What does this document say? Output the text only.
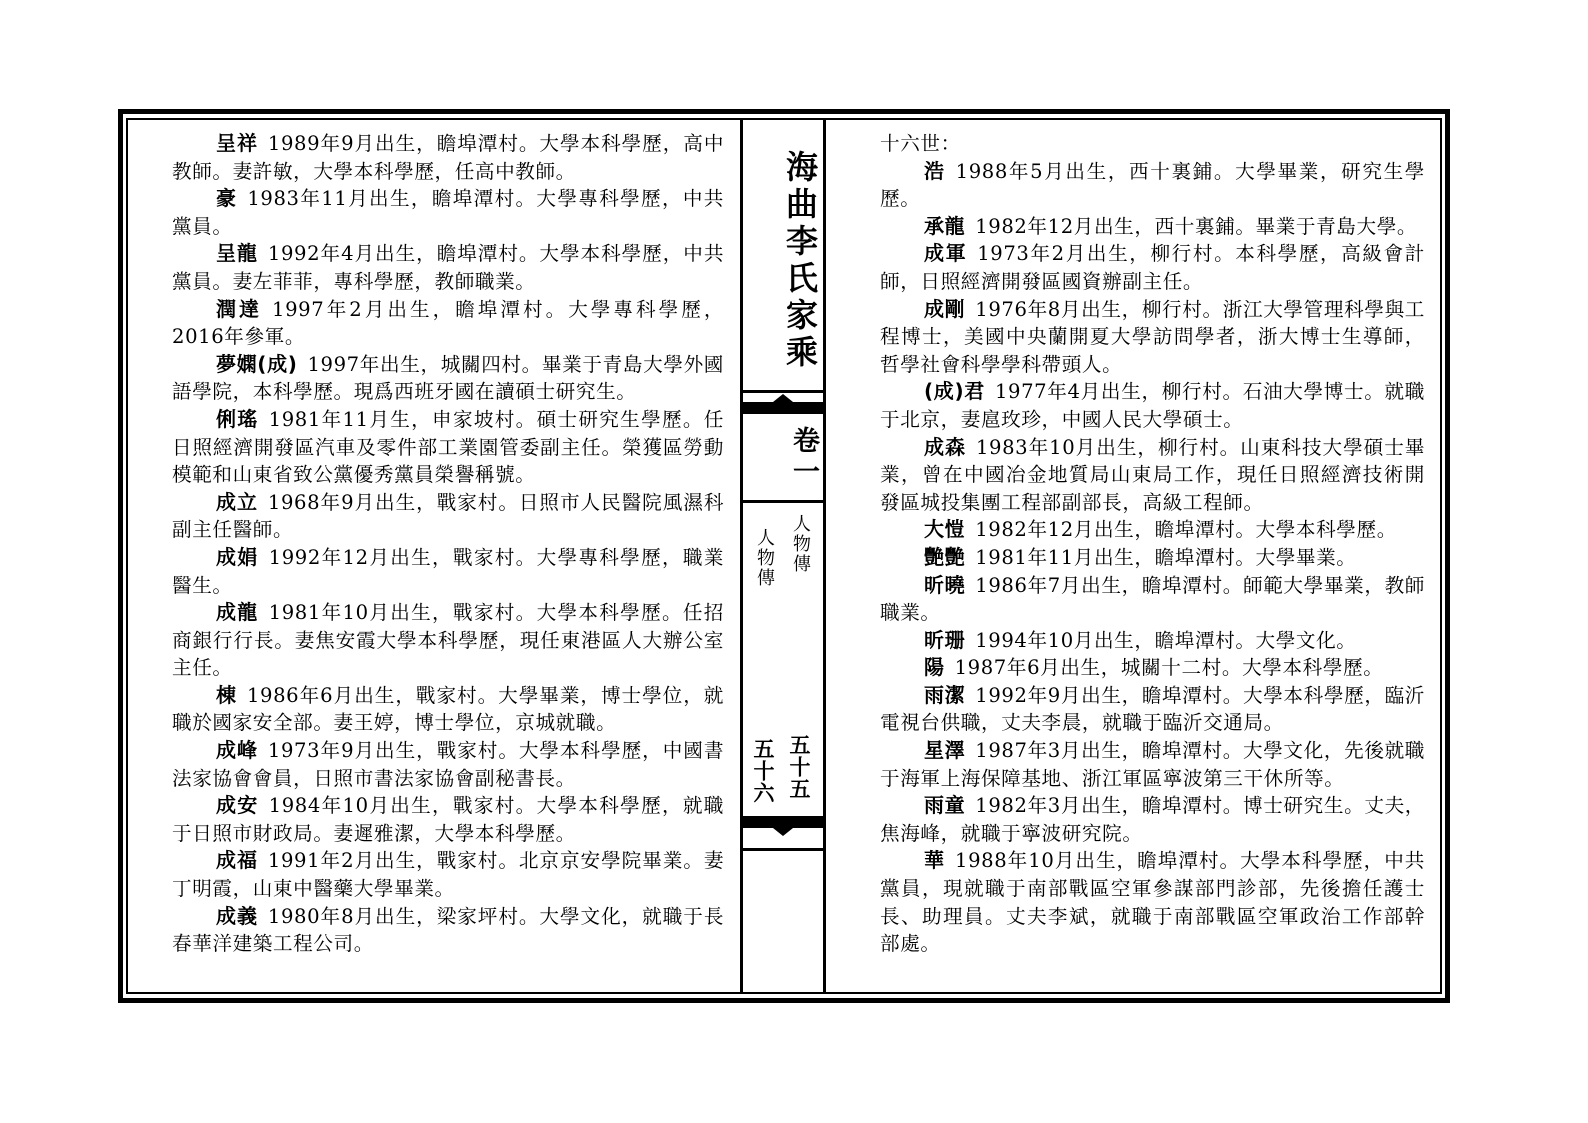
呈祥 1989年9月出生，瞻埠潭村。大學本科學歷，高中教師。妻許敏，大學本科學歷，任高中教師。

豪 1983年11月出生，瞻埠潭村。大學專科學歷，中共黨員。

呈龍 1992年4月出生，瞻埠潭村。大學本科學歷，中共黨員。妻左菲菲，專科學歷，教師職業。

潤達 1997年2月出生，瞻埠潭村。大學專科學歷，2016年參軍。

夢嫻(成) 1997年出生，城關四村。畢業于青島大學外國語學院，本科學歷。現爲西班牙國在讀碩士研究生。

俐瑤 1981年11月生，申家坡村。碩士研究生學歷。任日照經濟開發區汽車及零件部工業園管委副主任。榮獲區勞動模範和山東省致公黨優秀黨員榮譽稱號。

成立 1968年9月出生，戰家村。日照市人民醫院風濕科副主任醫師。

成娟 1992年12月出生，戰家村。大學專科學歷，職業醫生。

成龍 1981年10月出生，戰家村。大學本科學歷。任招商銀行行長。妻焦安霞大學本科學歷，現任東港區人大辦公室主任。

棟 1986年6月出生，戰家村。大學畢業，博士學位，就職於國家安全部。妻王婷，博士學位，京城就職。

成峰 1973年9月出生，戰家村。大學本科學歷，中國書法家協會會員，日照市書法家協會副秘書長。

成安 1984年10月出生，戰家村。大學本科學歷，就職于日照市財政局。妻遲雅潔，大學本科學歷。

成福 1991年2月出生，戰家村。北京京安學院畢業。妻丁明霞，山東中醫藥大學畢業。

成義 1980年8月出生，梁家坪村。大學文化，就職于長春華洋建築工程公司。

海曲李氏家乘
卷一
人物傳
人物傳
五十五
五十六

十六世：

浩 1988年5月出生，西十裏鋪。大學畢業，研究生學歷。

承龍 1982年12月出生，西十裏鋪。畢業于青島大學。

成軍 1973年2月出生，柳行村。本科學歷，高級會計師，日照經濟開發區國資辦副主任。

成剛 1976年8月出生，柳行村。浙江大學管理科學與工程博士，美國中央蘭開夏大學訪問學者，浙大博士生導師，哲學社會科學學科帶頭人。

(成)君 1977年4月出生，柳行村。石油大學博士。就職于北京，妻扈玫珍，中國人民大學碩士。

成森 1983年10月出生，柳行村。山東科技大學碩士畢業，曾在中國冶金地質局山東局工作，現任日照經濟技術開發區城投集團工程部副部長，高級工程師。

大愷 1982年12月出生，瞻埠潭村。大學本科學歷。

艷艷 1981年11月出生，瞻埠潭村。大學畢業。

昕曉 1986年7月出生，瞻埠潭村。師範大學畢業，教師職業。

昕珊 1994年10月出生，瞻埠潭村。大學文化。

陽 1987年6月出生，城關十二村。大學本科學歷。

雨潔 1992年9月出生，瞻埠潭村。大學本科學歷，臨沂電視台供職，丈夫李晨，就職于臨沂交通局。

星澤 1987年3月出生，瞻埠潭村。大學文化，先後就職于海軍上海保障基地、浙江軍區寧波第三干休所等。

雨童 1982年3月出生，瞻埠潭村。博士研究生。丈夫，焦海峰，就職于寧波研究院。

華 1988年10月出生，瞻埠潭村。大學本科學歷，中共黨員，現就職于南部戰區空軍參謀部門診部，先後擔任護士長、助理員。丈夫李斌，就職于南部戰區空軍政治工作部幹部處。
